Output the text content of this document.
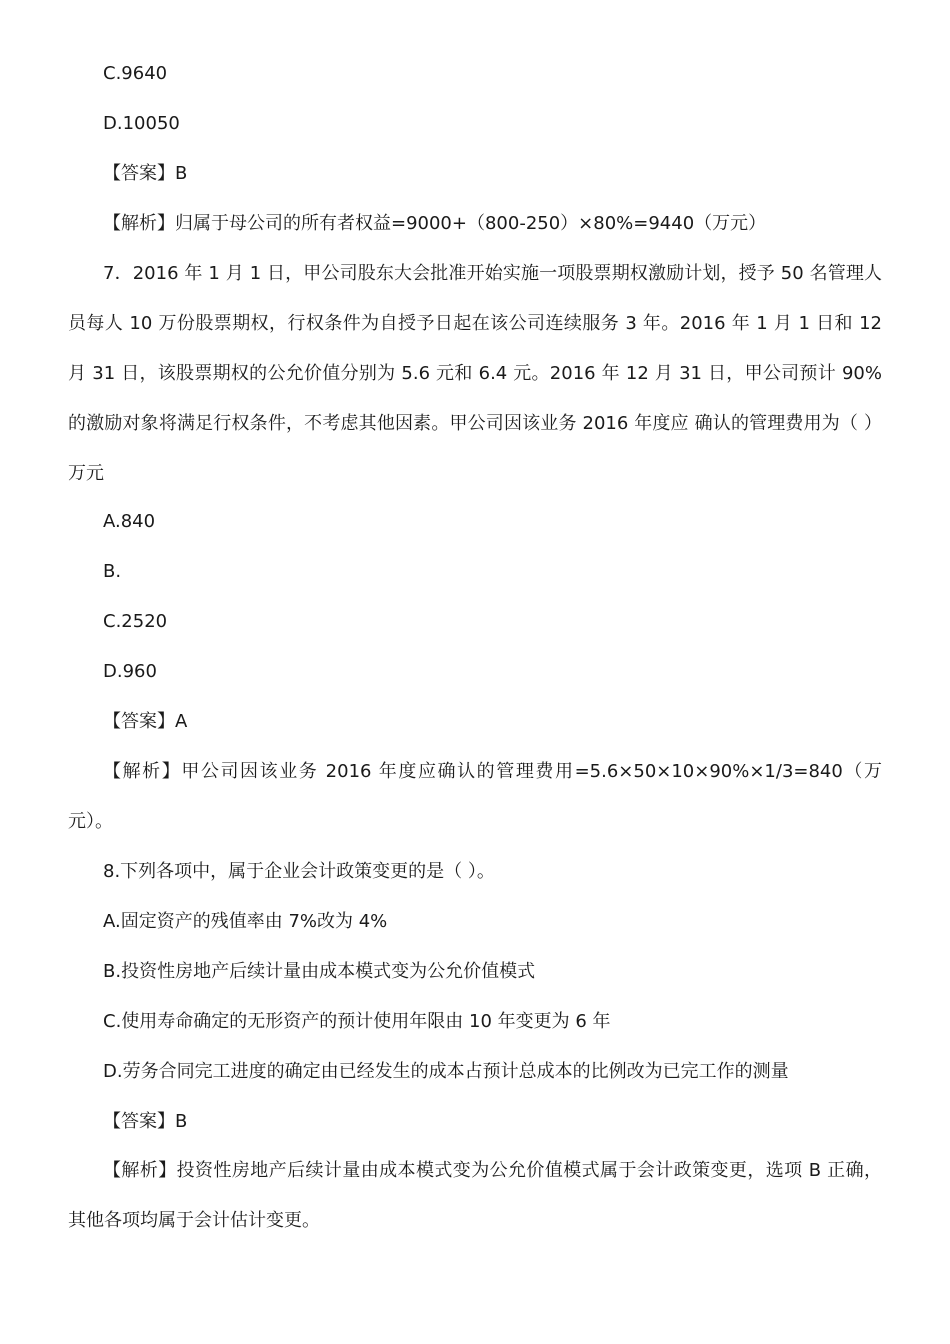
C.9640
D.10050
【答案】B
【解析】归属于母公司的所有者权益=9000+（800-250）×80%=9440（万元）
7．2016 年 1 月 1 日，甲公司股东大会批准开始实施一项股票期权激励计划，授予 50 名管理人员每人 10 万份股票期权，行权条件为自授予日起在该公司连续服务 3 年。2016 年 1 月 1 日和 12 月 31 日，该股票期权的公允价值分别为 5.6 元和 6.4 元。2016 年 12 月 31 日，甲公司预计 90%的激励对象将满足行权条件，不考虑其他因素。甲公司因该业务 2016 年度应 确认的管理费用为（ ）万元
A.840
B.
C.2520
D.960
【答案】A
【解析】甲公司因该业务 2016 年度应确认的管理费用=5.6×50×10×90%×1/3=840（万元）。
8.下列各项中，属于企业会计政策变更的是（ ）。
A.固定资产的残值率由 7%改为 4%
B.投资性房地产后续计量由成本模式变为公允价值模式
C.使用寿命确定的无形资产的预计使用年限由 10 年变更为 6 年
D.劳务合同完工进度的确定由已经发生的成本占预计总成本的比例改为已完工作的测量
【答案】B
【解析】投资性房地产后续计量由成本模式变为公允价值模式属于会计政策变更，选项 B 正确，其他各项均属于会计估计变更。
